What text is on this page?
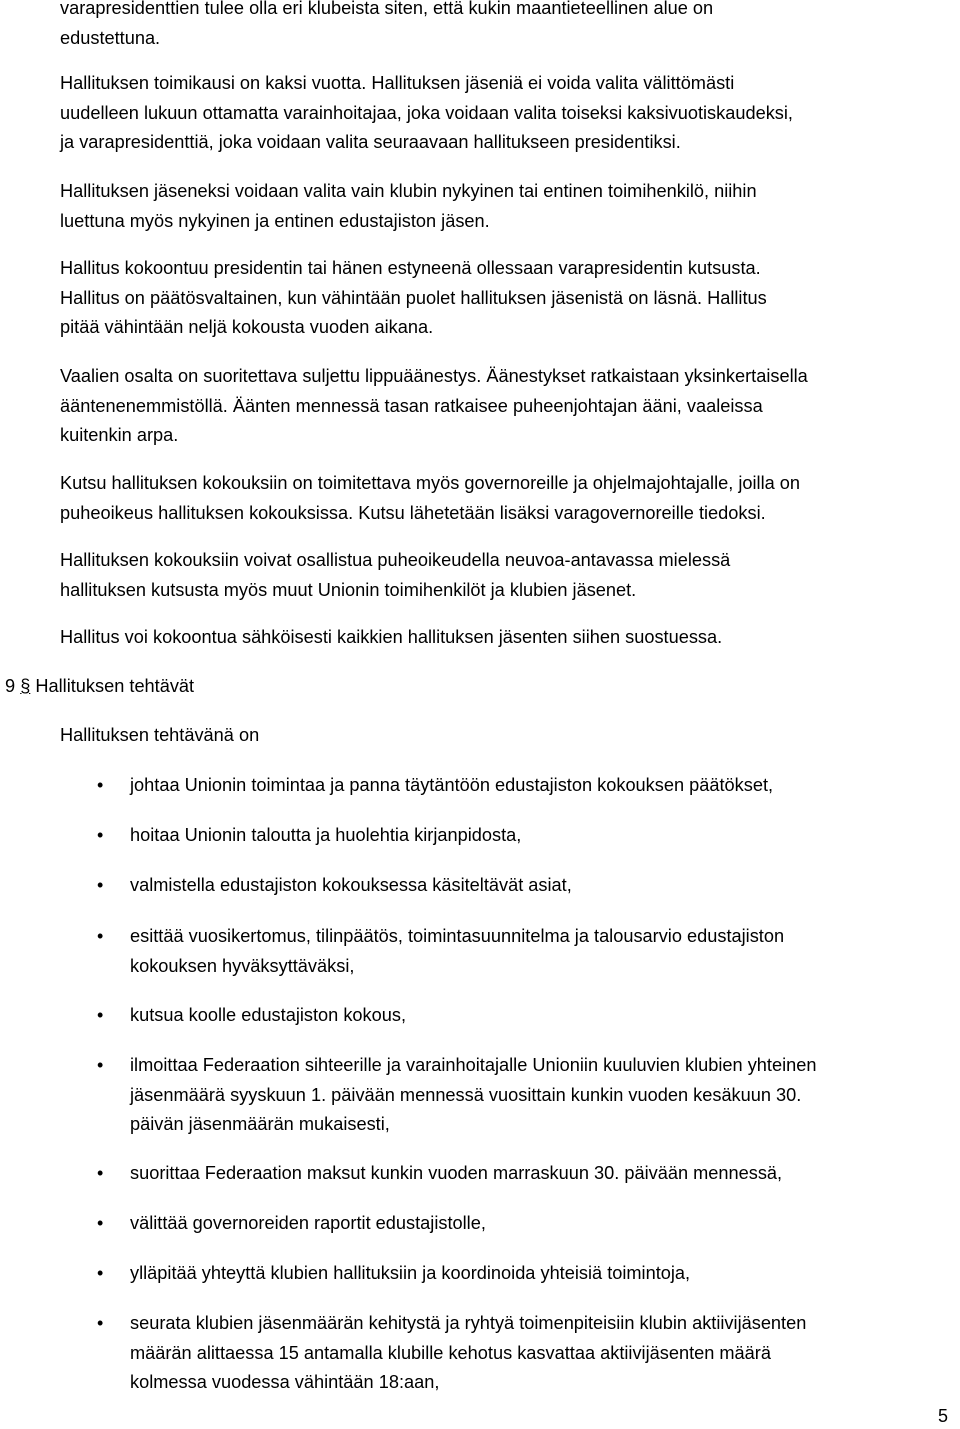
varapresidenttien tulee olla eri klubeista siten, että kukin maantieteellinen alue on
edustettuna.
Hallituksen toimikausi on kaksi vuotta. Hallituksen jäseniä ei voida valita välittömästi
uudelleen lukuun ottamatta varainhoitajaa, joka voidaan valita toiseksi kaksivuotiskaudeksi,
ja varapresidenttiä, joka voidaan valita seuraavaan hallitukseen presidentiksi.
Hallituksen jäseneksi voidaan valita vain klubin nykyinen tai entinen toimihenkilö, niihin
luettuna myös nykyinen ja entinen edustajiston jäsen.
Hallitus kokoontuu presidentin tai hänen estyneenä ollessaan varapresidentin kutsusta.
Hallitus on päätösvaltainen, kun vähintään puolet hallituksen jäsenistä on läsnä. Hallitus
pitää vähintään neljä kokousta vuoden aikana.
Vaalien osalta on suoritettava suljettu lippuäänestys. Äänestykset ratkaistaan yksinkertaisella
ääntenenemmistöllä. Äänten mennessä tasan ratkaisee puheenjohtajan ääni, vaaleissa
kuitenkin arpa.
Kutsu hallituksen kokouksiin on toimitettava myös governoreille ja ohjelmajohtajalle, joilla on
puheoikeus hallituksen kokouksissa. Kutsu lähetetään lisäksi varagovernoreille tiedoksi.
Hallituksen kokouksiin voivat osallistua puheoikeudella neuvoa-antavassa mielessä
hallituksen kutsusta myös muut Unionin toimihenkilöt ja klubien jäsenet.
Hallitus voi kokoontua sähköisesti kaikkien hallituksen jäsenten siihen suostuessa.
9 § Hallituksen tehtävät
Hallituksen tehtävänä on
• johtaa Unionin toimintaa ja panna täytäntöön edustajiston kokouksen päätökset,
• hoitaa Unionin taloutta ja huolehtia kirjanpidosta,
• valmistella edustajiston kokouksessa käsiteltävät asiat,
• esittää vuosikertomus, tilinpäätös, toimintasuunnitelma ja talousarvio edustajiston
kokouksen hyväksyttäväksi,
• kutsua koolle edustajiston kokous,
• ilmoittaa Federaation sihteerille ja varainhoitajalle Unioniin kuuluvien klubien yhteinen
jäsenmäärä syyskuun 1. päivään mennessä vuosittain kunkin vuoden kesäkuun 30.
päivän jäsenmäärän mukaisesti,
• suorittaa Federaation maksut kunkin vuoden marraskuun 30. päivään mennessä,
• välittää governoreiden raportit edustajistolle,
• ylläpitää yhteyttä klubien hallituksiin ja koordinoida yhteisiä toimintoja,
• seurata klubien jäsenmäärän kehitystä ja ryhtyä toimenpiteisiin klubin aktiivijäsenten
määrän alittaessa 15 antamalla klubille kehotus kasvattaa aktiivijäsenten määrä
kolmessa vuodessa vähintään 18:aan,
5
